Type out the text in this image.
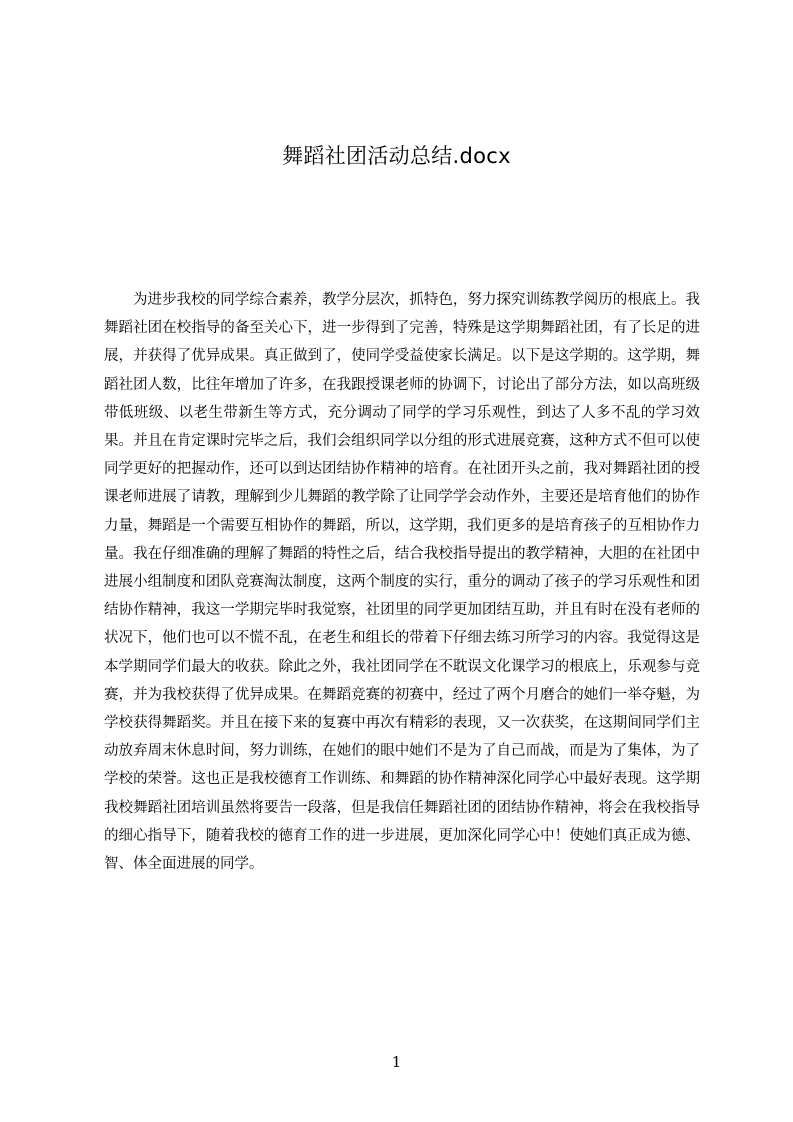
舞蹈社团活动总结.docx

为进步我校的同学综合素养，教学分层次，抓特色，努力探究训练教学阅历的根底上。我舞蹈社团在校指导的备至关心下，进一步得到了完善，特殊是这学期舞蹈社团，有了长足的进展，并获得了优异成果。真正做到了，使同学受益使家长满足。以下是这学期的。这学期，舞蹈社团人数，比往年增加了许多，在我跟授课老师的协调下，讨论出了部分方法，如以高班级带低班级、以老生带新生等方式，充分调动了同学的学习乐观性，到达了人多不乱的学习效果。并且在肯定课时完毕之后，我们会组织同学以分组的形式进展竞赛，这种方式不但可以使同学更好的把握动作，还可以到达团结协作精神的培育。在社团开头之前，我对舞蹈社团的授课老师进展了请教，理解到少儿舞蹈的教学除了让同学学会动作外，主要还是培育他们的协作力量，舞蹈是一个需要互相协作的舞蹈，所以，这学期，我们更多的是培育孩子的互相协作力量。我在仔细准确的理解了舞蹈的特性之后，结合我校指导提出的教学精神，大胆的在社团中进展小组制度和团队竞赛淘汰制度，这两个制度的实行，重分的调动了孩子的学习乐观性和团结协作精神，我这一学期完毕时我觉察，社团里的同学更加团结互助，并且有时在没有老师的状况下，他们也可以不慌不乱，在老生和组长的带着下仔细去练习所学习的内容。我觉得这是本学期同学们最大的收获。除此之外，我社团同学在不耽误文化课学习的根底上，乐观参与竞赛，并为我校获得了优异成果。在舞蹈竞赛的初赛中，经过了两个月磨合的她们一举夺魁，为学校获得舞蹈奖。并且在接下来的复赛中再次有精彩的表现，又一次获奖，在这期间同学们主动放弃周末休息时间，努力训练，在她们的眼中她们不是为了自己而战，而是为了集体，为了学校的荣誉。这也正是我校德育工作训练、和舞蹈的协作精神深化同学心中最好表现。这学期我校舞蹈社团培训虽然将要告一段落，但是我信任舞蹈社团的团结协作精神，将会在我校指导的细心指导下，随着我校的德育工作的进一步进展，更加深化同学心中！使她们真正成为德、智、体全面进展的同学。

1
